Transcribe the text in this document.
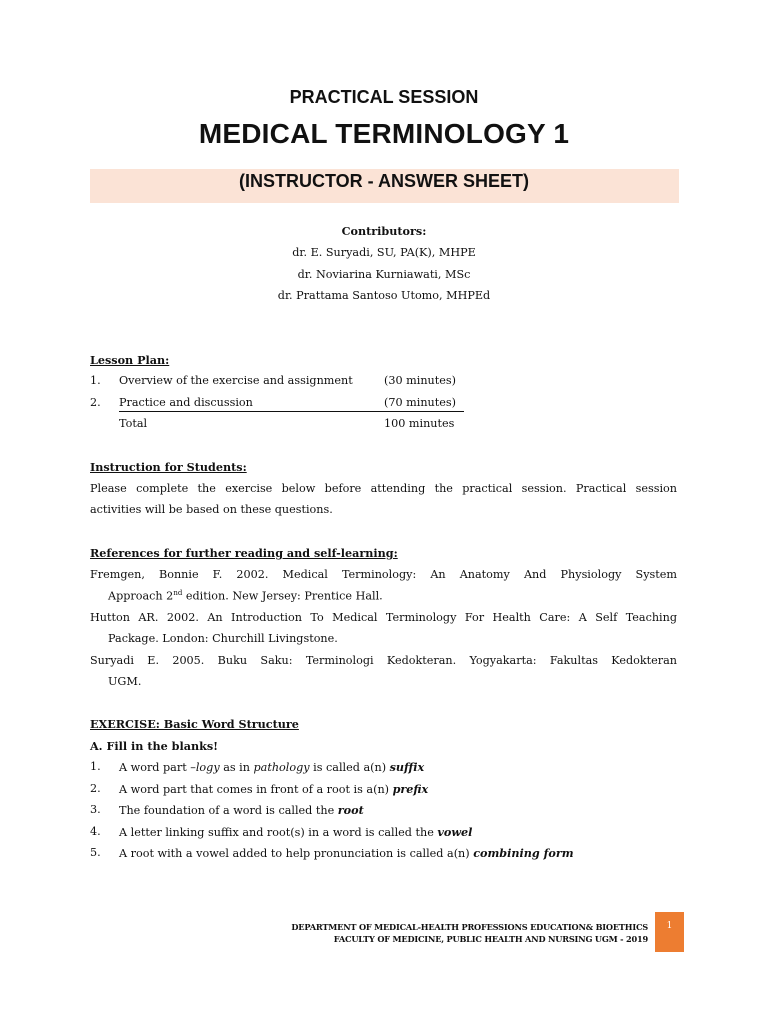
PRACTICAL SESSION
MEDICAL TERMINOLOGY 1
(INSTRUCTOR - ANSWER SHEET)
Contributors:
dr. E. Suryadi, SU, PA(K), MHPE
dr. Noviarina Kurniawati, MSc
dr. Prattama Santoso Utomo, MHPEd
Lesson Plan:
1. Overview of the exercise and assignment	(30 minutes)
2. Practice and discussion	(70 minutes)
Total	100 minutes
Instruction for Students:
Please complete the exercise below before attending the practical session. Practical session
activities will be based on these questions.
References for further reading and self-learning:
Fremgen, Bonnie F. 2002. Medical Terminology: An Anatomy And Physiology System
Approach 2nd edition. New Jersey: Prentice Hall.
Hutton AR. 2002. An Introduction To Medical Terminology For Health Care: A Self Teaching
Package. London: Churchill Livingstone.
Suryadi E. 2005. Buku Saku: Terminologi Kedokteran. Yogyakarta: Fakultas Kedokteran
UGM.
EXERCISE: Basic Word Structure
A. Fill in the blanks!
1. A word part –logy as in pathology is called a(n) suffix
2. A word part that comes in front of a root is a(n) prefix
3. The foundation of a word is called the root
4. A letter linking suffix and root(s) in a word is called the vowel
5. A root with a vowel added to help pronunciation is called a(n) combining form
DEPARTMENT OF MEDICAL-HEALTH PROFESSIONS EDUCATION& BIOETHICS
FACULTY OF MEDICINE, PUBLIC HEALTH AND NURSING UGM - 2019
1
